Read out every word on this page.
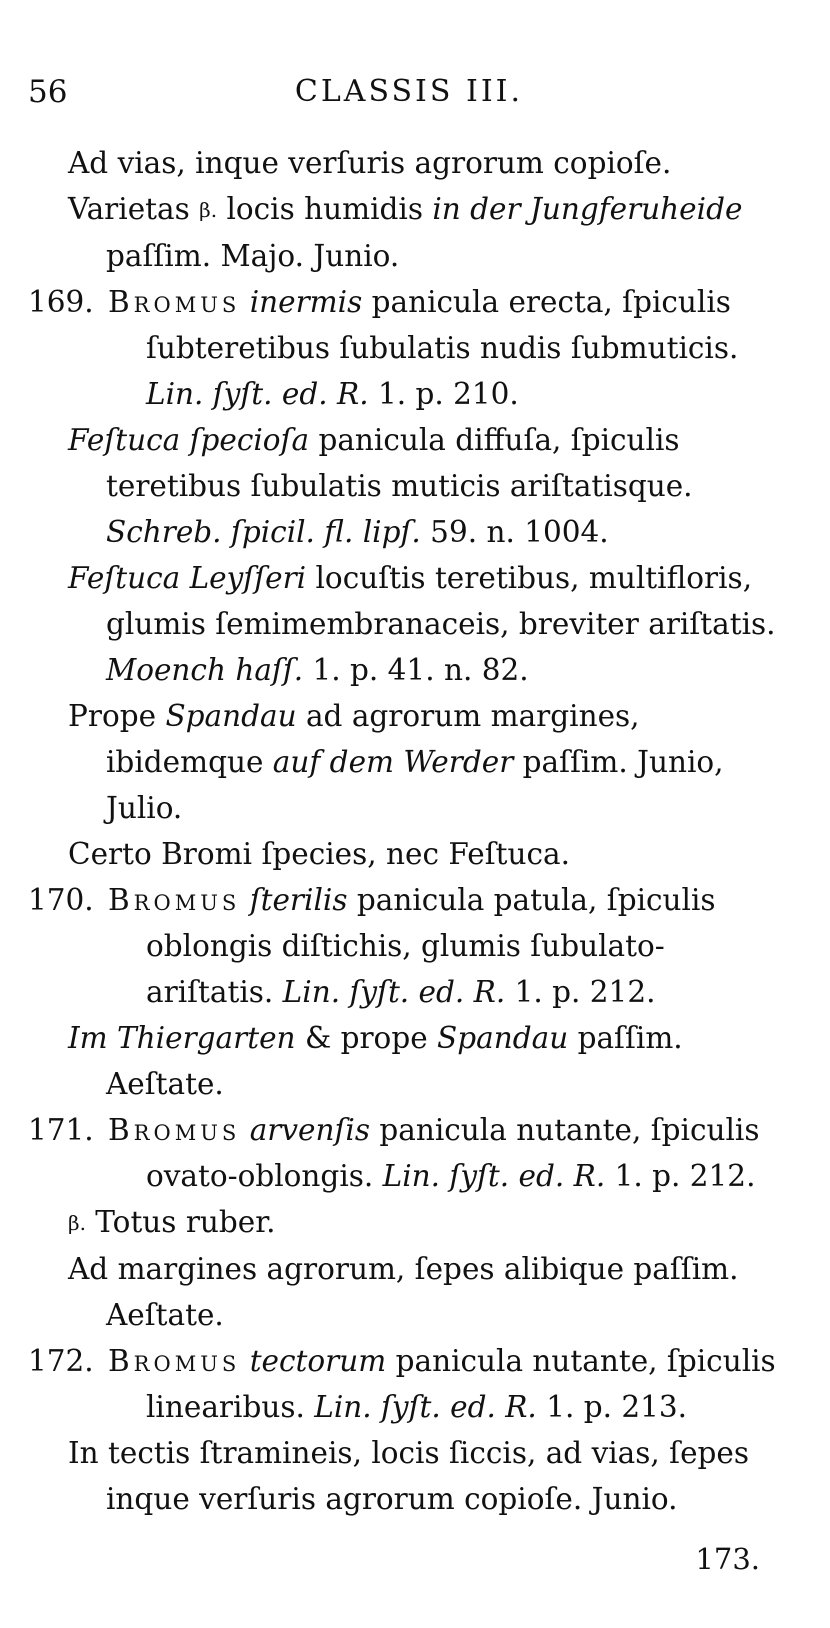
56	CLASSIS III.
Ad vias, inque verſuris agrorum copioſe.
Varietas β. locis humidis in der Jungferuheide paſſim. Majo. Junio.
169. Bromus inermis panicula erecta, ſpiculis ſubteretibus ſubulatis nudis ſubmuticis. Lin. ſyſt. ed. R. 1. p. 210.
Feſtuca ſpecioſa panicula diffuſa, ſpiculis teretibus ſubulatis muticis ariſtatisque. Schreb. ſpicil. fl. lipſ. 59. n. 1004.
Feſtuca Leyſſeri locuſtis teretibus, multifloris, glumis ſemimembranaceis, breviter ariſtatis. Moench haſſ. 1. p. 41. n. 82.
Prope Spandau ad agrorum margines, ibidemque auf dem Werder paſſim. Junio, Julio.
Certo Bromi ſpecies, nec Feſtuca.
170. Bromus ſterilis panicula patula, ſpiculis oblongis diſtichis, glumis ſubulato-ariſtatis. Lin. ſyſt. ed. R. 1. p. 212.
Im Thiergarten & prope Spandau paſſim. Aeſtate.
171. Bromus arvenſis panicula nutante, ſpiculis ovato-oblongis. Lin. ſyſt. ed. R. 1. p. 212.
β. Totus ruber.
Ad margines agrorum, ſepes alibique paſſim. Aeſtate.
172. Bromus tectorum panicula nutante, ſpiculis linearibus. Lin. ſyſt. ed. R. 1. p. 213.
In tectis ſtramineis, locis ſiccis, ad vias, ſepes inque verſuris agrorum copioſe. Junio.
173.
